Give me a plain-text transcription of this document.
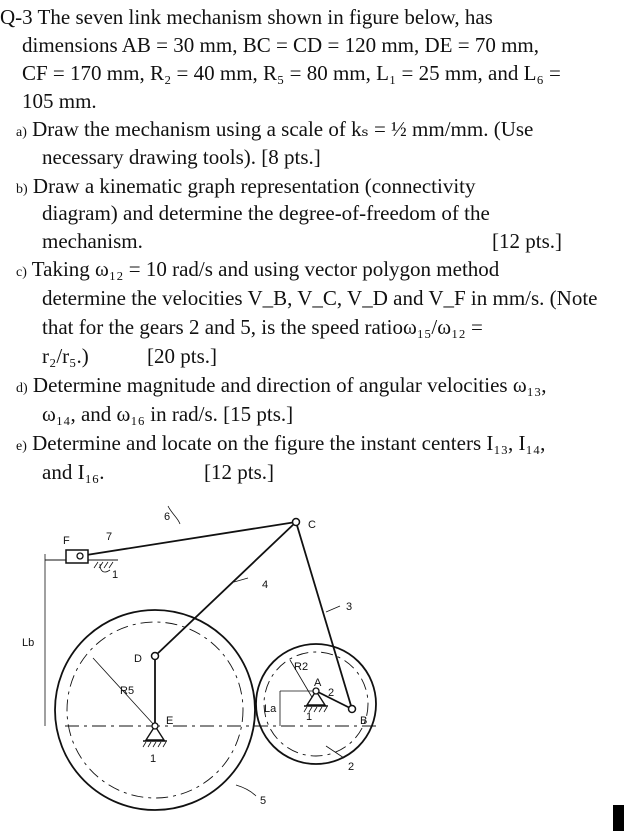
Q-3 The seven link mechanism shown in figure below, has
dimensions AB = 30 mm, BC = CD = 120 mm, DE = 70 mm,
CF = 170 mm, R₂ = 40 mm, R₅ = 80 mm, L₁ = 25 mm, and L₆ =
105 mm.
a) Draw the mechanism using a scale of kₛ = ½ mm/mm. (Use
necessary drawing tools). [8 pts.]
b) Draw a kinematic graph representation (connectivity
diagram) and determine the degree-of-freedom of the
mechanism.	[12 pts.]
c) Taking ω₁₂ = 10 rad/s and using vector polygon method
determine the velocities V_B, V_C, V_D and V_F in mm/s. (Note
that for the gears 2 and 5, is the speed ratioω₁₅/ω₁₂ =
r₂/r₅.)	[20 pts.]
d) Determine magnitude and direction of angular velocities ω₁₃,
ω₁₄, and ω₁₆ in rad/s. [15 pts.]
e) Determine and locate on the figure the instant centers I₁₃, I₁₄,
and I₁₆.	[12 pts.]
F	7
1
6
C
4
3
Lb
D
R5
E
1
R2
A
2
La
1	B
2
5
